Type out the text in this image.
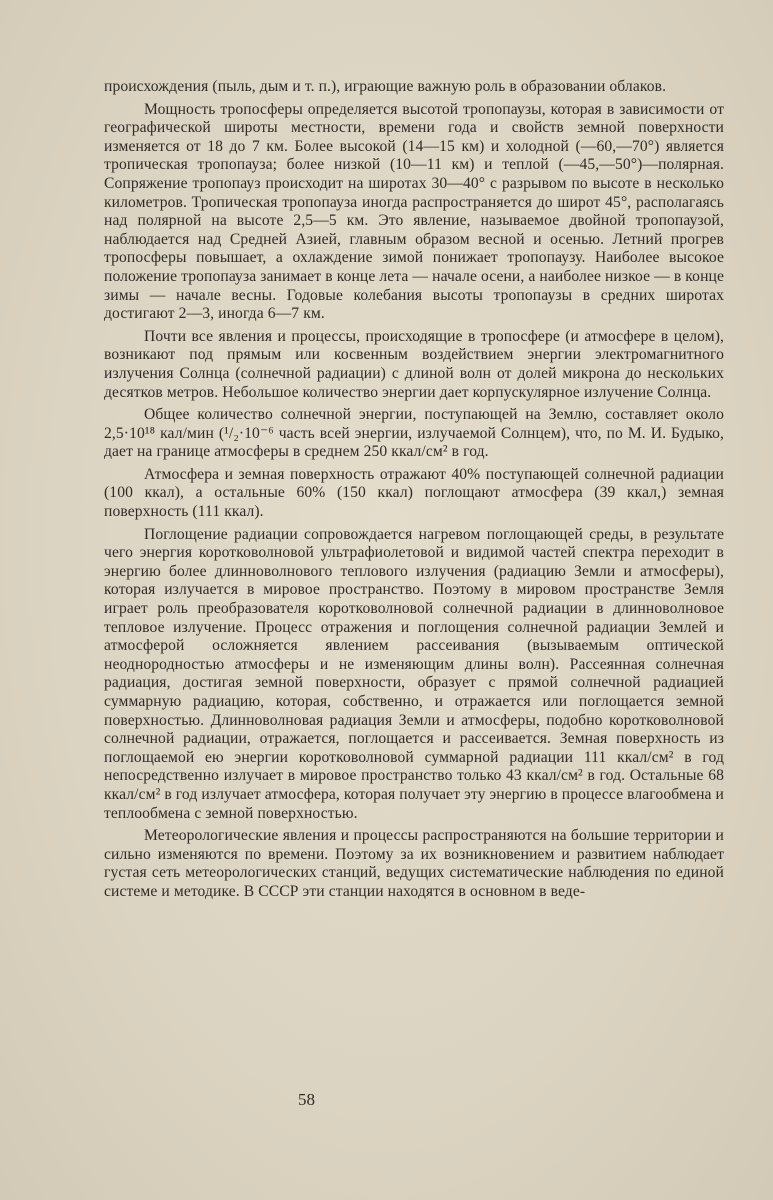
происхождения (пыль, дым и т. п.), играющие важную роль в образовании облаков.

Мощность тропосферы определяется высотой тропопаузы, которая в зависимости от географической широты местности, времени года и свойств земной поверхности изменяется от 18 до 7 км. Более высокой (14—15 км) и холодной (—60,—70°) является тропическая тропопауза; более низкой (10—11 км) и теплой (—45,—50°)—полярная. Сопряжение тропопауз происходит на широтах 30—40° с разрывом по высоте в несколько километров. Тропическая тропопауза иногда распространяется до широт 45°, располагаясь над полярной на высоте 2,5—5 км. Это явление, называемое двойной тропопаузой, наблюдается над Средней Азией, главным образом весной и осенью. Летний прогрев тропосферы повышает, а охлаждение зимой понижает тропопаузу. Наиболее высокое положение тропопауза занимает в конце лета — начале осени, а наиболее низкое — в конце зимы — начале весны. Годовые колебания высоты тропопаузы в средних широтах достигают 2—3, иногда 6—7 км.

Почти все явления и процессы, происходящие в тропосфере (и атмосфере в целом), возникают под прямым или косвенным воздействием энергии электромагнитного излучения Солнца (солнечной радиации) с длиной волн от долей микрона до нескольких десятков метров. Небольшое количество энергии дает корпускулярное излучение Солнца.

Общее количество солнечной энергии, поступающей на Землю, составляет около 2,5·10¹⁸ кал/мин (¹/₂·10⁻⁶ часть всей энергии, излучаемой Солнцем), что, по М. И. Будыко, дает на границе атмосферы в среднем 250 ккал/см² в год.

Атмосфера и земная поверхность отражают 40% поступающей солнечной радиации (100 ккал), а остальные 60% (150 ккал) поглощают атмосфера (39 ккал,) земная поверхность (111 ккал).

Поглощение радиации сопровождается нагревом поглощающей среды, в результате чего энергия коротковолновой ультрафиолетовой и видимой частей спектра переходит в энергию более длинноволнового теплового излучения (радиацию Земли и атмосферы), которая излучается в мировое пространство. Поэтому в мировом пространстве Земля играет роль преобразователя коротковолновой солнечной радиации в длинноволновое тепловое излучение. Процесс отражения и поглощения солнечной радиации Землей и атмосферой осложняется явлением рассеивания (вызываемым оптической неоднородностью атмосферы и не изменяющим длины волн). Рассеянная солнечная радиация, достигая земной поверхности, образует с прямой солнечной радиацией суммарную радиацию, которая, собственно, и отражается или поглощается земной поверхностью. Длинноволновая радиация Земли и атмосферы, подобно коротковолновой солнечной радиации, отражается, поглощается и рассеивается. Земная поверхность из поглощаемой ею энергии коротковолновой суммарной радиации 111 ккал/см² в год непосредственно излучает в мировое пространство только 43 ккал/см² в год. Остальные 68 ккал/см² в год излучает атмосфера, которая получает эту энергию в процессе влагообмена и теплообмена с земной поверхностью.

Метеорологические явления и процессы распространяются на большие территории и сильно изменяются по времени. Поэтому за их возникновением и развитием наблюдает густая сеть метеорологических станций, ведущих систематические наблюдения по единой системе и методике. В СССР эти станции находятся в основном в веде-

58
